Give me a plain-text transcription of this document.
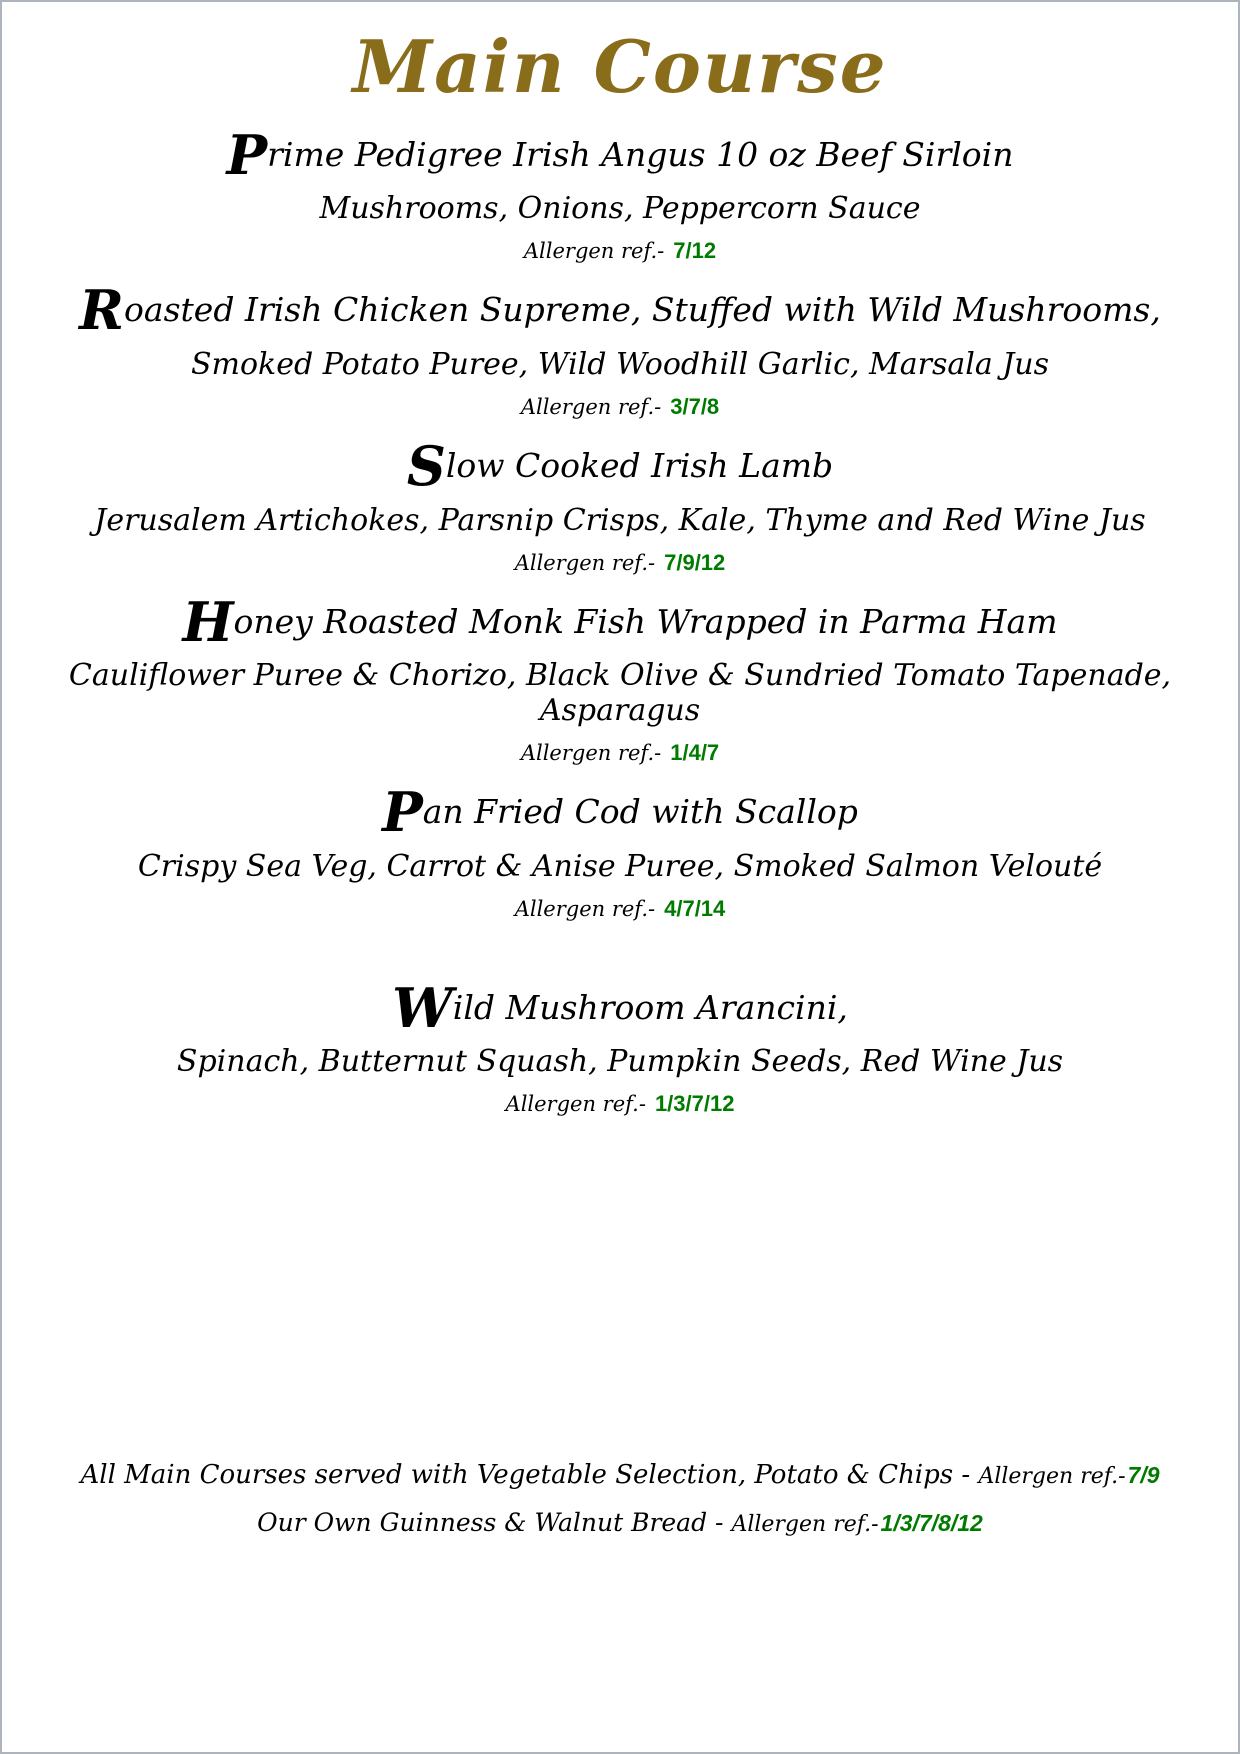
Main Course
Prime Pedigree Irish Angus 10 oz Beef Sirloin
Mushrooms, Onions, Peppercorn Sauce
Allergen ref.- 7/12
Roasted Irish Chicken Supreme, Stuffed with Wild Mushrooms,
Smoked Potato Puree, Wild Woodhill Garlic, Marsala Jus
Allergen ref.- 3/7/8
Slow Cooked Irish Lamb
Jerusalem Artichokes, Parsnip Crisps, Kale, Thyme and Red Wine Jus
Allergen ref.- 7/9/12
Honey Roasted Monk Fish Wrapped in Parma Ham
Cauliflower Puree & Chorizo, Black Olive & Sundried Tomato Tapenade, Asparagus
Allergen ref.- 1/4/7
Pan Fried Cod with Scallop
Crispy Sea Veg, Carrot & Anise Puree, Smoked Salmon Velouté
Allergen ref.- 4/7/14
Wild Mushroom Arancini,
Spinach, Butternut Squash, Pumpkin Seeds, Red Wine Jus
Allergen ref.- 1/3/7/12
All Main Courses served with Vegetable Selection, Potato & Chips - Allergen ref.-7/9
Our Own Guinness & Walnut Bread - Allergen ref.-1/3/7/8/12
